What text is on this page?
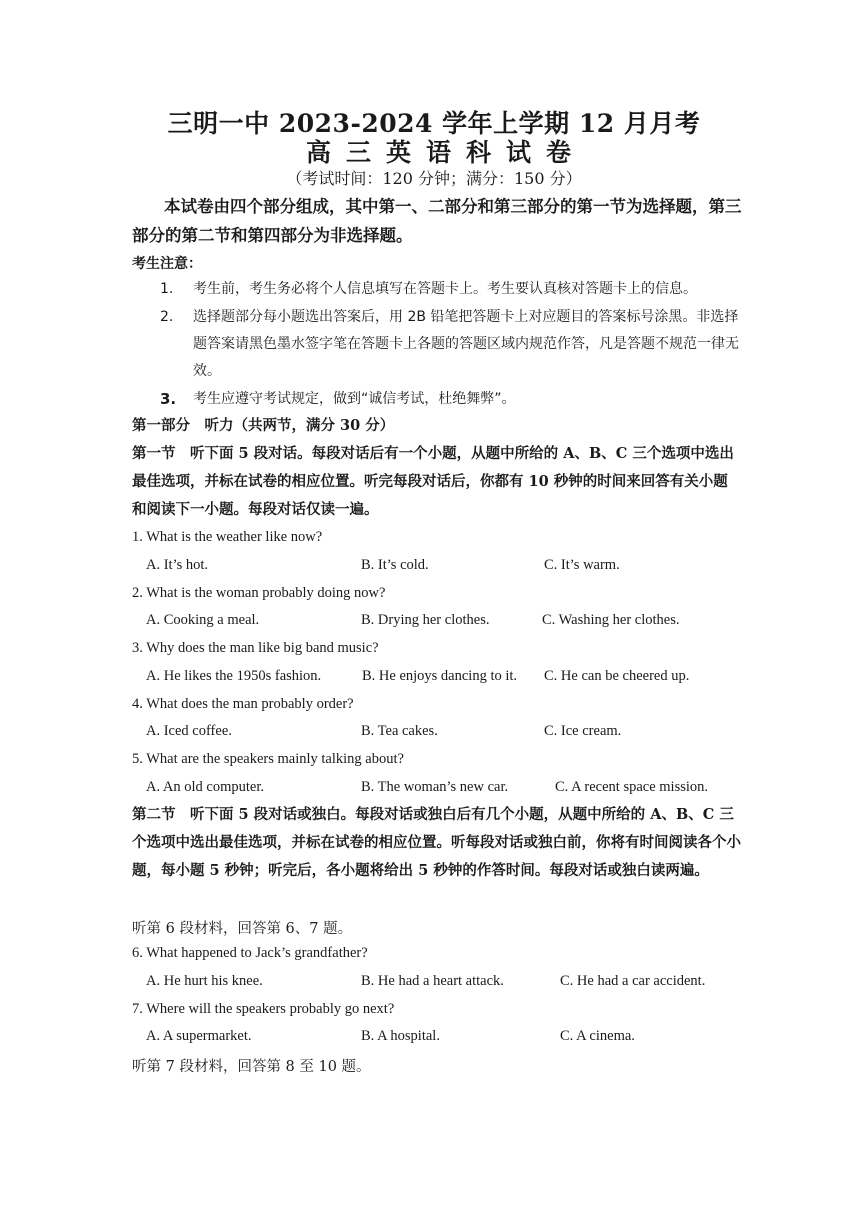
三明一中 2023-2024 学年上学期 12 月月考
高三英语科试卷
（考试时间：120 分钟；满分：150 分）
本试卷由四个部分组成，其中第一、二部分和第三部分的第一节为选择题，第三部分的第二节和第四部分为非选择题。
考生注意：
1.	考生前，考生务必将个人信息填写在答题卡上。考生要认真核对答题卡上的信息。
2.	选择题部分每小题选出答案后，用 2B 铅笔把答题卡上对应题目的答案标号涂黑。非选择题答案请黑色墨水签字笔在答题卡上各题的答题区域内规范作答，凡是答题不规范一律无效。
3. 考生应遵守考试规定，做到“诚信考试，杜绝舞弊”。
第一部分　听力（共两节，满分 30 分）
第一节　听下面 5 段对话。每段对话后有一个小题，从题中所给的 A、B、C 三个选项中选出最佳选项，并标在试卷的相应位置。听完每段对话后，你都有 10 秒钟的时间来回答有关小题和阅读下一小题。每段对话仅读一遍。
1. What is the weather like now?
A. It’s hot.	B. It’s cold.	C. It’s warm.
2. What is the woman probably doing now?
A. Cooking a meal.	B. Drying her clothes.	C. Washing her clothes.
3. Why does the man like big band music?
A. He likes the 1950s fashion.	B. He enjoys dancing to it. C. He can be cheered up.
4. What does the man probably order?
A. Iced coffee.	B. Tea cakes.	C. Ice cream.
5. What are the speakers mainly talking about?
A. An old computer.	B. The woman’s new car.	C. A recent space mission.
第二节　听下面 5 段对话或独白。每段对话或独白后有几个小题，从题中所给的 A、B、C 三个选项中选出最佳选项，并标在试卷的相应位置。听每段对话或独白前，你将有时间阅读各个小题，每小题 5 秒钟；听完后，各小题将给出 5 秒钟的作答时间。每段对话或独白读两遍。
听第 6 段材料，回答第 6、7 题。
6. What happened to Jack’s grandfather?
A. He hurt his knee.	B. He had a heart attack.	C. He had a car accident.
7. Where will the speakers probably go next?
A. A supermarket.	B. A hospital.	C. A cinema.
听第 7 段材料，回答第 8 至 10 题。
